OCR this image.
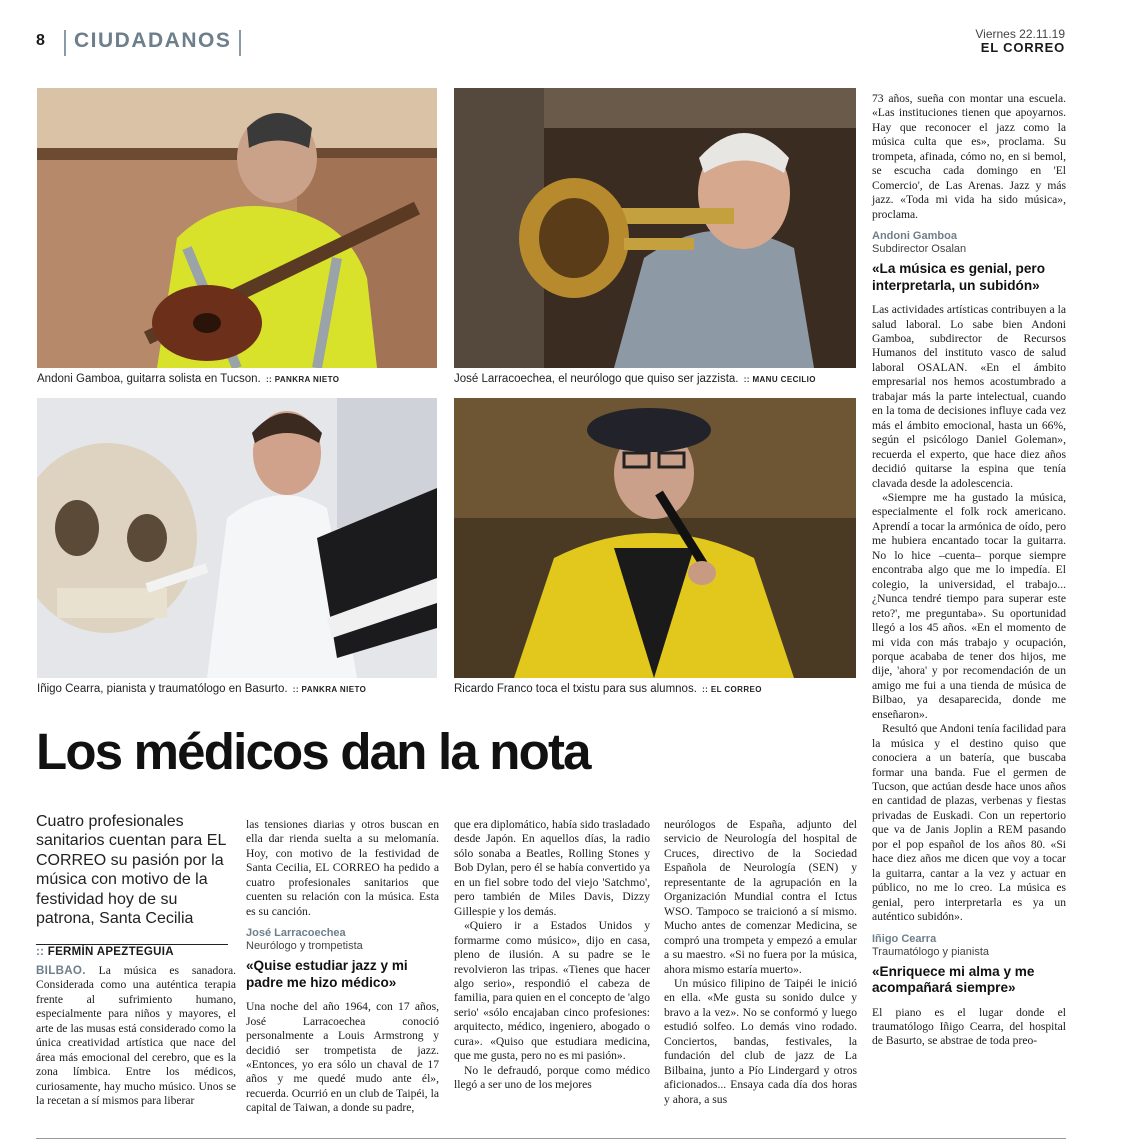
8 CIUDADANOS	Viernes 22.11.19
EL CORREO
Andoni Gamboa, guitarra solista en Tucson. :: PANKRA NIETO	José Larracoechea, el neurólogo que quiso ser jazzista. :: MANU CECILIO
Iñigo Cearra, pianista y traumatólogo en Basurto. :: PANKRA NIETO	Ricardo Franco toca el txistu para sus alumnos. :: EL CORREO
Los médicos dan la nota
Cuatro profesionales sanitarios cuentan para EL CORREO su pasión por la música con motivo de la festividad hoy de su patrona, Santa Cecilia
:: FERMÍN APEZTEGUIA

BILBAO. La música es sanadora. Considerada como una auténtica terapia frente al sufrimiento humano, especialmente para niños y mayores, el arte de las musas está considerado como la única creatividad artística que nace del área más emocional del cerebro, que es la zona límbica. Entre los médicos, curiosamente, hay mucho músico. Unos se la recetan a sí mismos para liberar

las tensiones diarias y otros buscan en ella dar rienda suelta a su melomanía. Hoy, con motivo de la festividad de Santa Cecilia, EL CORREO ha pedido a cuatro profesionales sanitarios que cuenten su relación con la música. Esta es su canción.

José Larracoechea
Neurólogo y trompetista
«Quise estudiar jazz y mi padre me hizo médico»

Una noche del año 1964, con 17 años, José Larracoechea conoció personalmente a Louis Armstrong y decidió ser trompetista de jazz. «Entonces, yo era sólo un chaval de 17 años y me quedé mudo ante él», recuerda. Ocurrió en un club de Taipéi, la capital de Taiwan, a donde su padre,

que era diplomático, había sido trasladado desde Japón. En aquellos días, la radio sólo sonaba a Beatles, Rolling Stones y Bob Dylan, pero él se había convertido ya en un fiel sobre todo del viejo 'Satchmo', pero también de Miles Davis, Dizzy Gillespie y los demás.

«Quiero ir a Estados Unidos y formarme como músico», dijo en casa, pleno de ilusión. A su padre se le revolvieron las tripas. «Tienes que hacer algo serio», respondió el cabeza de familia, para quien en el concepto de 'algo serio' «sólo encajaban cinco profesiones: arquitecto, médico, ingeniero, abogado o cura». «Quiso que estudiara medicina, que me gusta, pero no es mi pasión».

No le defraudó, porque como médico llegó a ser uno de los mejores

neurólogos de España, adjunto del servicio de Neurología del hospital de Cruces, directivo de la Sociedad Española de Neurología (SEN) y representante de la agrupación en la Organización Mundial contra el Ictus WSO. Tampoco se traicionó a sí mismo. Mucho antes de comenzar Medicina, se compró una trompeta y empezó a emular a su maestro. «Si no fuera por la música, ahora mismo estaría muerto».

Un músico filipino de Taipéi le inició en ella. «Me gusta su sonido dulce y bravo a la vez». No se conformó y luego estudió solfeo. Lo demás vino rodado. Conciertos, bandas, festivales, la fundación del club de jazz de La Bilbaina, junto a Pío Lindergard y otros aficionados... Ensaya cada día dos horas y ahora, a sus

73 años, sueña con montar una escuela. «Las instituciones tienen que apoyarnos. Hay que reconocer el jazz como la música culta que es», proclama. Su trompeta, afinada, cómo no, en si bemol, se escucha cada domingo en 'El Comercio', de Las Arenas. Jazz y más jazz. «Toda mi vida ha sido música», proclama.

Andoni Gamboa
Subdirector Osalan
«La música es genial, pero interpretarla, un subidón»

Las actividades artísticas contribuyen a la salud laboral. Lo sabe bien Andoni Gamboa, subdirector de Recursos Humanos del instituto vasco de salud laboral OSALAN. «En el ámbito empresarial nos hemos acostumbrado a trabajar más la parte intelectual, cuando en la toma de decisiones influye cada vez más el ámbito emocional, hasta un 66%, según el psicólogo Daniel Goleman», recuerda el experto, que hace diez años decidió quitarse la espina que tenía clavada desde la adolescencia.

«Siempre me ha gustado la música, especialmente el folk rock americano. Aprendí a tocar la armónica de oído, pero me hubiera encantado tocar la guitarra. No lo hice –cuenta– porque siempre encontraba algo que me lo impedía. El colegio, la universidad, el trabajo... ¿Nunca tendré tiempo para superar este reto?', me preguntaba». Su oportunidad llegó a los 45 años. «En el momento de mi vida con más trabajo y ocupación, porque acababa de tener dos hijos, me dije, 'ahora' y por recomendación de un amigo me fui a una tienda de música de Bilbao, ya desaparecida, donde me enseñaron».

Resultó que Andoni tenía facilidad para la música y el destino quiso que conociera a un batería, que buscaba formar una banda. Fue el germen de Tucson, que actúan desde hace unos años en cantidad de plazas, verbenas y fiestas privadas de Euskadi. Con un repertorio que va de Janis Joplin a REM pasando por el pop español de los años 80. «Si hace diez años me dicen que voy a tocar la guitarra, cantar a la vez y actuar en público, no me lo creo. La música es genial, pero interpretarla es ya un auténtico subidón».

Iñigo Cearra
Traumatólogo y pianista
«Enriquece mi alma y me acompañará siempre»

El piano es el lugar donde el traumatólogo Iñigo Cearra, del hospital de Basurto, se abstrae de toda preo-
